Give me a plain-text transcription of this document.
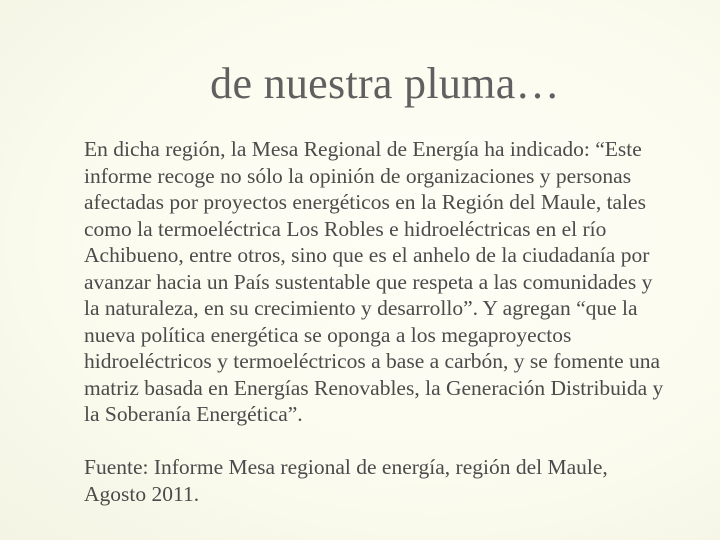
de nuestra pluma…
En dicha región, la Mesa Regional de Energía ha indicado: “Este
informe recoge no sólo la opinión de organizaciones y personas
afectadas por proyectos energéticos en la Región del Maule, tales
como la termoeléctrica Los Robles e hidroeléctricas en el río
Achibueno, entre otros, sino que es el anhelo de la ciudadanía por
avanzar hacia un País sustentable que respeta a las comunidades y
la naturaleza, en su crecimiento y desarrollo”. Y agregan “que la
nueva política energética se oponga a los megaproyectos
hidroeléctricos y termoeléctricos a base a carbón, y se fomente una
matriz basada en Energías Renovables, la Generación Distribuida y
la Soberanía Energética”.
Fuente: Informe Mesa regional de energía, región del Maule,
Agosto 2011.
